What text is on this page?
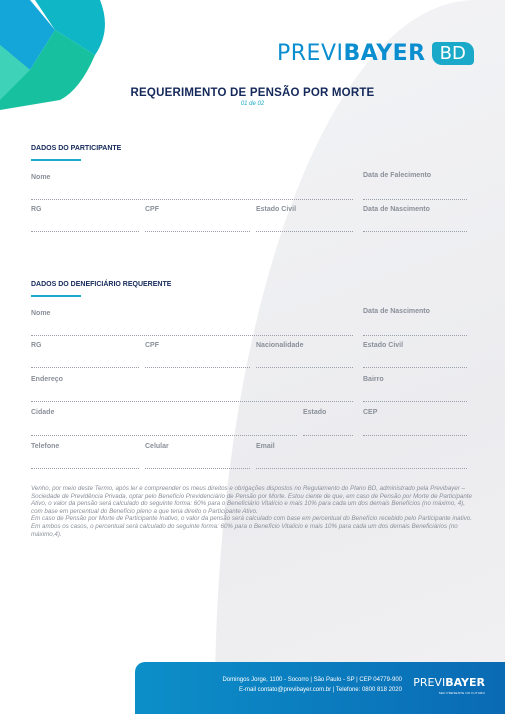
PREVIBAYER BD
REQUERIMENTO DE PENSÃO POR MORTE
01 de 02
DADOS DO PARTICIPANTE
Nome	Data de Falecimento
RG	CPF	Estado Civil	Data de Nascimento
DADOS DO DENEFICIÁRIO REQUERENTE
Nome	Data de Nascimento
RG	CPF	Nacionalidade	Estado Civil
Endereço	Bairro
Cidade	Estado	CEP
Telefone	Celular	Email

Venho, por meio deste Termo, após ler e compreender os meus direitos e obrigações dispostos no Regulamento do Plano BD, administrado pela Previbayer – Sociedade de Previdência Privada, optar pelo Benefício Previdenciário de Pensão por Morte. Estou ciente de que, em caso de Pensão por Morte de Participante Ativo, o valor da pensão será calculado do seguinte forma: 60% para o Beneficiário Vitalício e mais 10% para cada um dos demais Benefícios (no máximo, 4), com base em percentual do Benefício pleno a que teria direito o Participante Ativo.

Em caso de Pensão por Morte de Participante Inativo, o valor da pensão será calculado com base em percentual do Benefício recebido pelo Participante inativo. Em ambos os casos, o percentual será calculado do seguinte forma: 60% para o Benefício Vitalício e mais 10% para cada um dos demais Beneficiários (no máximo,4).

Domingos Jorge, 1100 - Socorro | São Paulo - SP | CEP 04779-900
E-mail contato@previbayer.com.br | Telefone: 0800 818 2020
PREVIBAYER
SEU PRESENTE NO FUTURO
